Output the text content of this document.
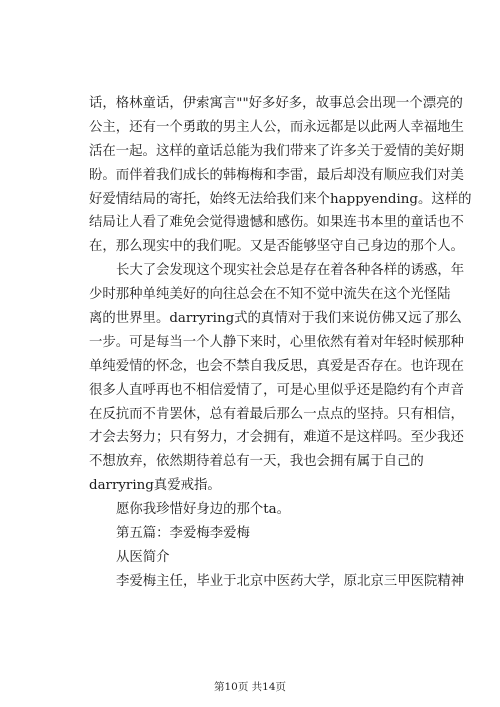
话，格林童话，伊索寓言""好多好多，故事总会出现一个漂亮的
公主，还有一个勇敢的男主人公，而永远都是以此两人幸福地生
活在一起。这样的童话总能为我们带来了许多关于爱情的美好期
盼。而伴着我们成长的韩梅梅和李雷，最后却没有顺应我们对美
好爱情结局的寄托，始终无法给我们来个happyending。这样的
结局让人看了难免会觉得遗憾和感伤。如果连书本里的童话也不
在，那么现实中的我们呢。又是否能够坚守自己身边的那个人。
长大了会发现这个现实社会总是存在着各种各样的诱惑，年
少时那种单纯美好的向往总会在不知不觉中流失在这个光怪陆
离的世界里。darryring式的真情对于我们来说仿佛又远了那么
一步。可是每当一个人静下来时，心里依然有着对年轻时候那种
单纯爱情的怀念，也会不禁自我反思，真爱是否存在。也许现在
很多人直呼再也不相信爱情了，可是心里似乎还是隐约有个声音
在反抗而不肯罢休，总有着最后那么一点点的坚持。只有相信，
才会去努力；只有努力，才会拥有，难道不是这样吗。至少我还
不想放弃，依然期待着总有一天，我也会拥有属于自己的
darryring真爱戒指。
愿你我珍惜好身边的那个ta。
第五篇：李爱梅李爱梅
从医简介
李爱梅主任，毕业于北京中医药大学，原北京三甲医院精神
第10页 共14页
